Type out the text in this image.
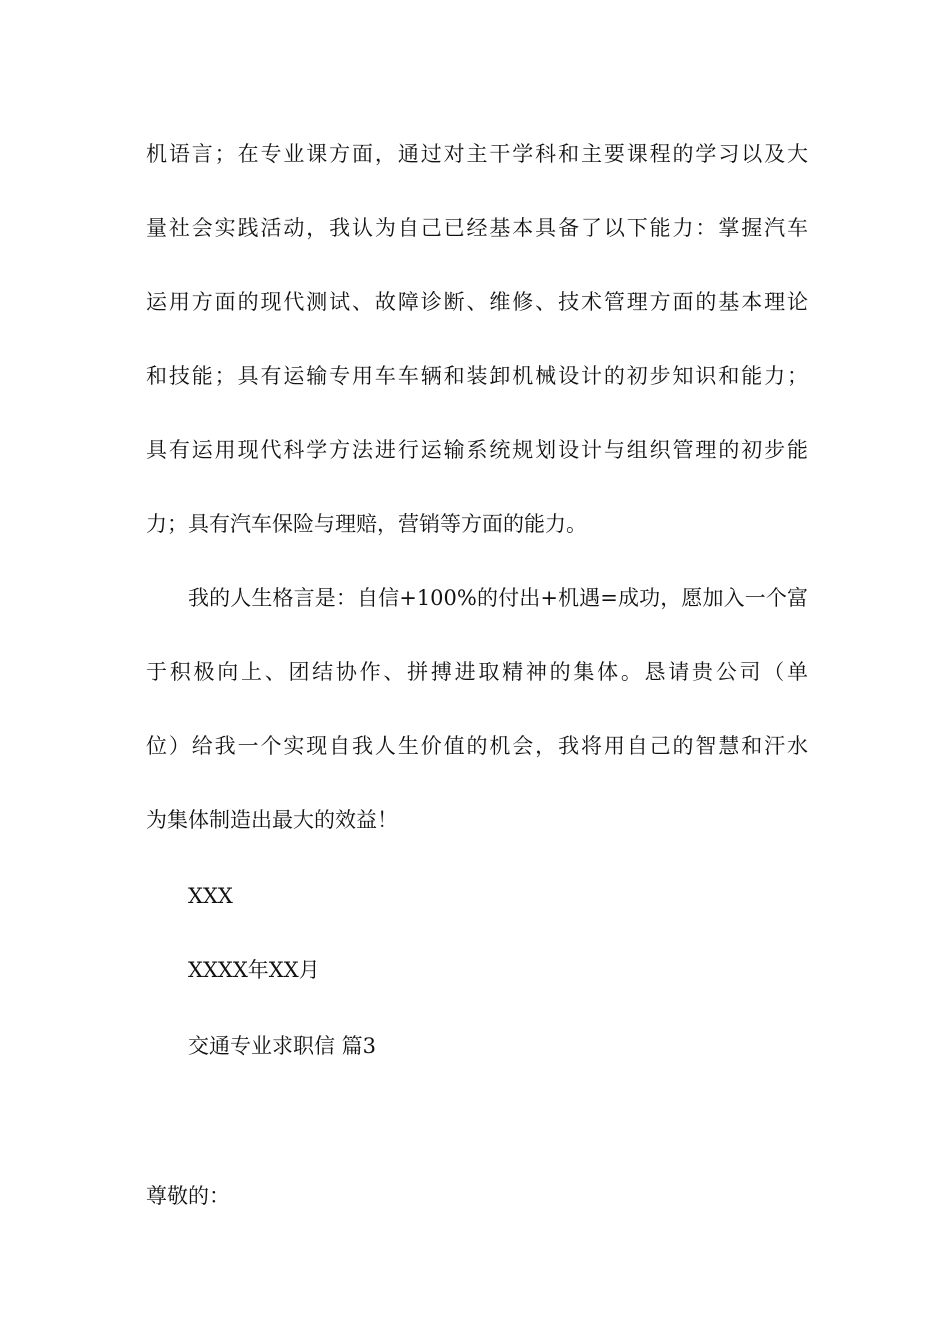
机语言；在专业课方面，通过对主干学科和主要课程的学习以及大
量社会实践活动，我认为自己已经基本具备了以下能力：掌握汽车
运用方面的现代测试、故障诊断、维修、技术管理方面的基本理论
和技能；具有运输专用车车辆和装卸机械设计的初步知识和能力；
具有运用现代科学方法进行运输系统规划设计与组织管理的初步能
力；具有汽车保险与理赔，营销等方面的能力。
我的人生格言是：自信+100%的付出+机遇=成功，愿加入一个富
于积极向上、团结协作、拼搏进取精神的集体。恳请贵公司（单
位）给我一个实现自我人生价值的机会，我将用自己的智慧和汗水
为集体制造出最大的效益！
XXX
XXXX年XX月
交通专业求职信 篇3
尊敬的：
